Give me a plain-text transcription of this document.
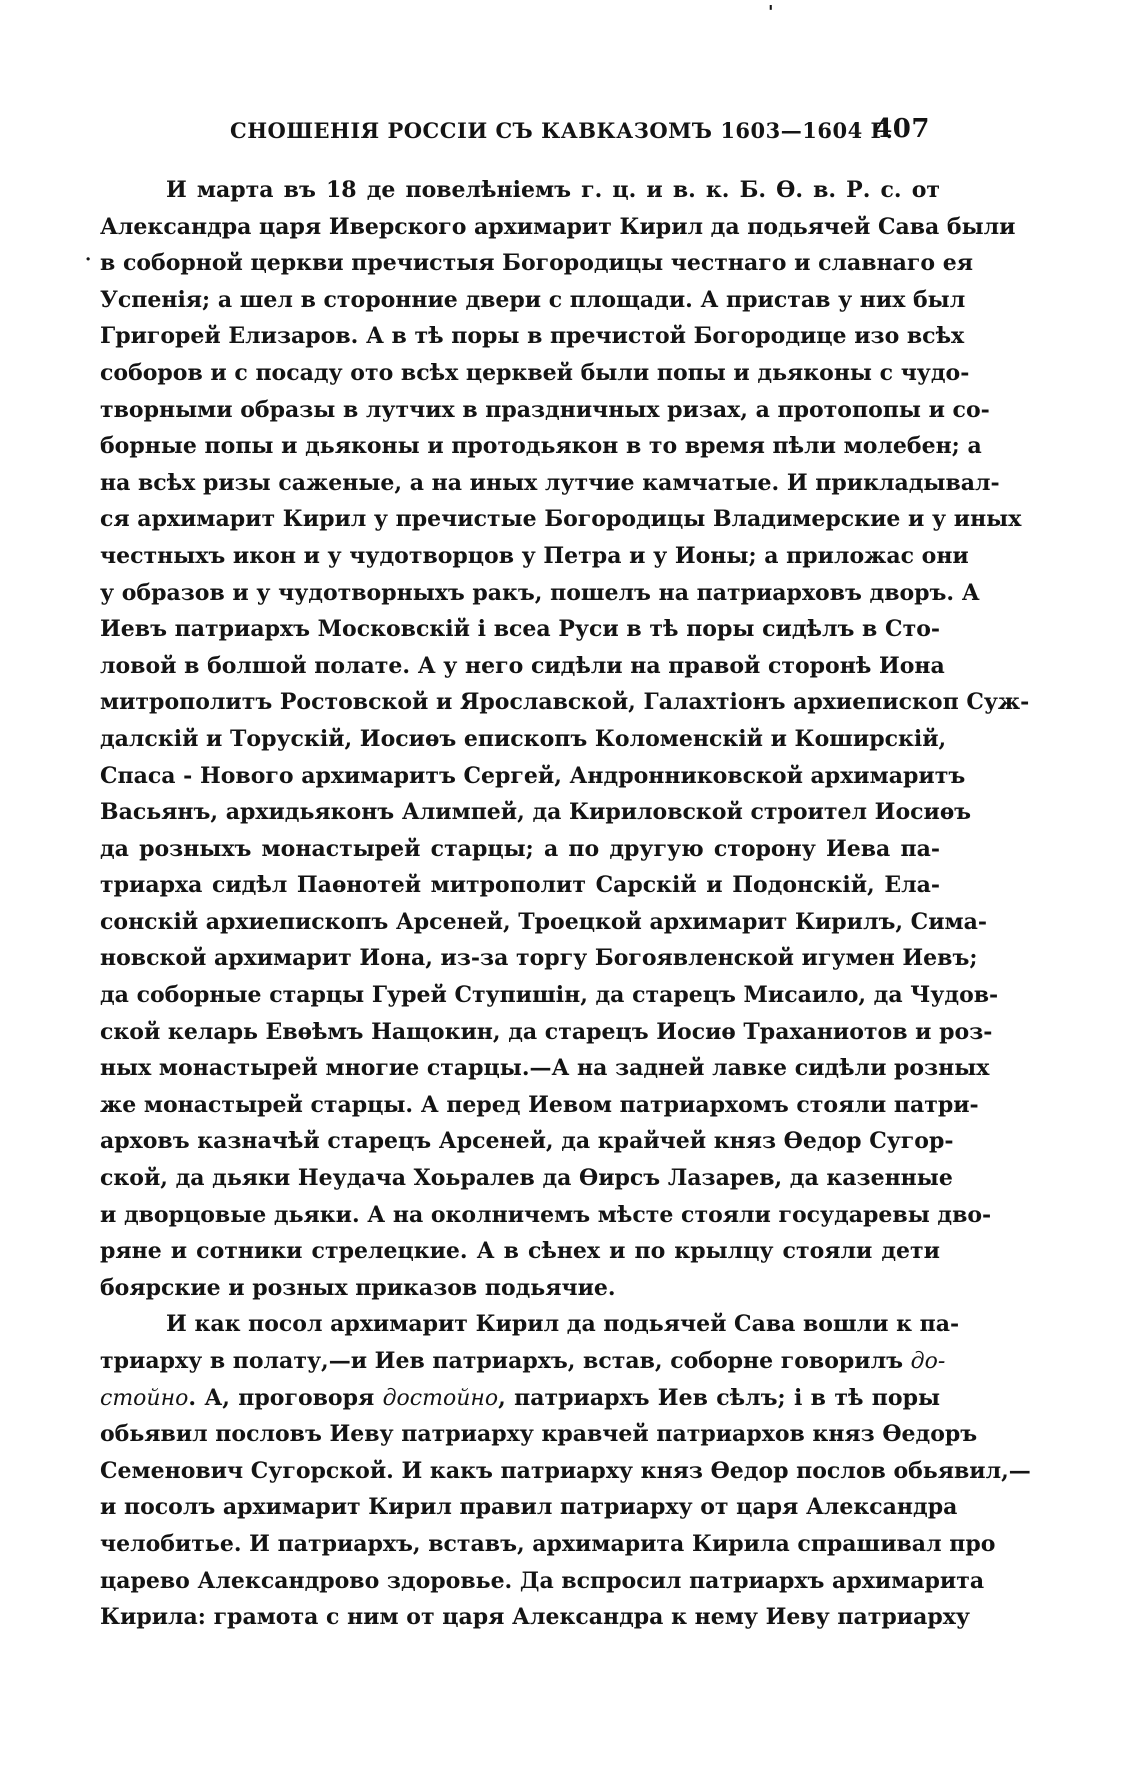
'
СНОШЕНІЯ РОССІИ СЪ КАВКАЗОМЪ 1603—1604 Г.
407
·
И марта въ 18 де повелѣніемъ г. ц. и в. к. Б. Ѳ. в. Р. с. от
Александра царя Иверского архимарит Кирил да подьячей Сава были
в соборной церкви пречистыя Богородицы честнаго и славнаго ея
Успенія; а шел в сторонние двери с площади. А пристав у них был
Григорей Елизаров. А в тѣ поры в пречистой Богородице изо всѣх
соборов и с посаду ото всѣх церквей были попы и дьяконы с чудо-
творными образы в лутчих в праздничных ризах, а протопопы и со-
борные попы и дьяконы и протодьякон в то время пѣли молебен; а
на всѣх ризы саженые, а на иных лутчие камчатые. И прикладывал-
ся архимарит Кирил у пречистые Богородицы Владимерские и у иных
честныхъ икон и у чудотворцов у Петра и у Ионы; а приложас они
у образов и у чудотворныхъ ракъ, пошелъ на патриарховъ дворъ. А
Иевъ патриархъ Московскій і всеа Руси в тѣ поры сидѣлъ в Сто-
ловой в болшой полате. А у него сидѣли на правой сторонѣ Иона
митрополитъ Ростовской и Ярославской, Галахтіонъ архиепископ Суж-
далскій и Торускій, Иосиѳъ епископъ Коломенскій и Коширскій,
Спаса - Нового архимаритъ Сергей, Андронниковской архимаритъ
Васьянъ, архидьяконъ Алимпей, да Кириловской строител Иосиѳъ
да розныхъ монастырей старцы; а по другую сторону Иева па-
триарха сидѣл Паѳнотей митрополит Сарскій и Подонскій, Ела-
сонскій архиепископъ Арсеней, Троецкой архимарит Кирилъ, Сима-
новской архимарит Иона, из-за торгу Богоявленской игумен Иевъ;
да соборные старцы Гурей Ступишін, да старецъ Мисаило, да Чудов-
ской келарь Евѳѣмъ Нащокин, да старецъ Иосиѳ Траханиотов и роз-
ных монастырей многие старцы.—А на задней лавке сидѣли розных
же монастырей старцы. А перед Иевом патриархомъ стояли патри-
арховъ казначѣй старецъ Арсеней, да крайчей княз Ѳедор Сугор-
ской, да дьяки Неудача Хоьралев да Ѳирсъ Лазарев, да казенные
и дворцовые дьяки. А на околничемъ мѣсте стояли государевы дво-
ряне и сотники стрелецкие. А в сѣнех и по крылцу стояли дети
боярские и розных приказов подьячие.
И как посол архимарит Кирил да подьячей Сава вошли к па-
триарху в полату,—и Иев патриархъ, встав, соборне говорилъ до-
стойно. А, проговоря достойно, патриархъ Иев сѣлъ; і в тѣ поры
обьявил пословъ Иеву патриарху кравчей патриархов княз Ѳедоръ
Семенович Сугорской. И какъ патриарху княз Ѳедор послов обьявил,—
и посолъ архимарит Кирил правил патриарху от царя Александра
челобитье. И патриархъ, вставъ, архимарита Кирила спрашивал про
царево Александрово здоровье. Да вспросил патриархъ архимарита
Кирила: грамота с ним от царя Александра к нему Иеву патриарху
